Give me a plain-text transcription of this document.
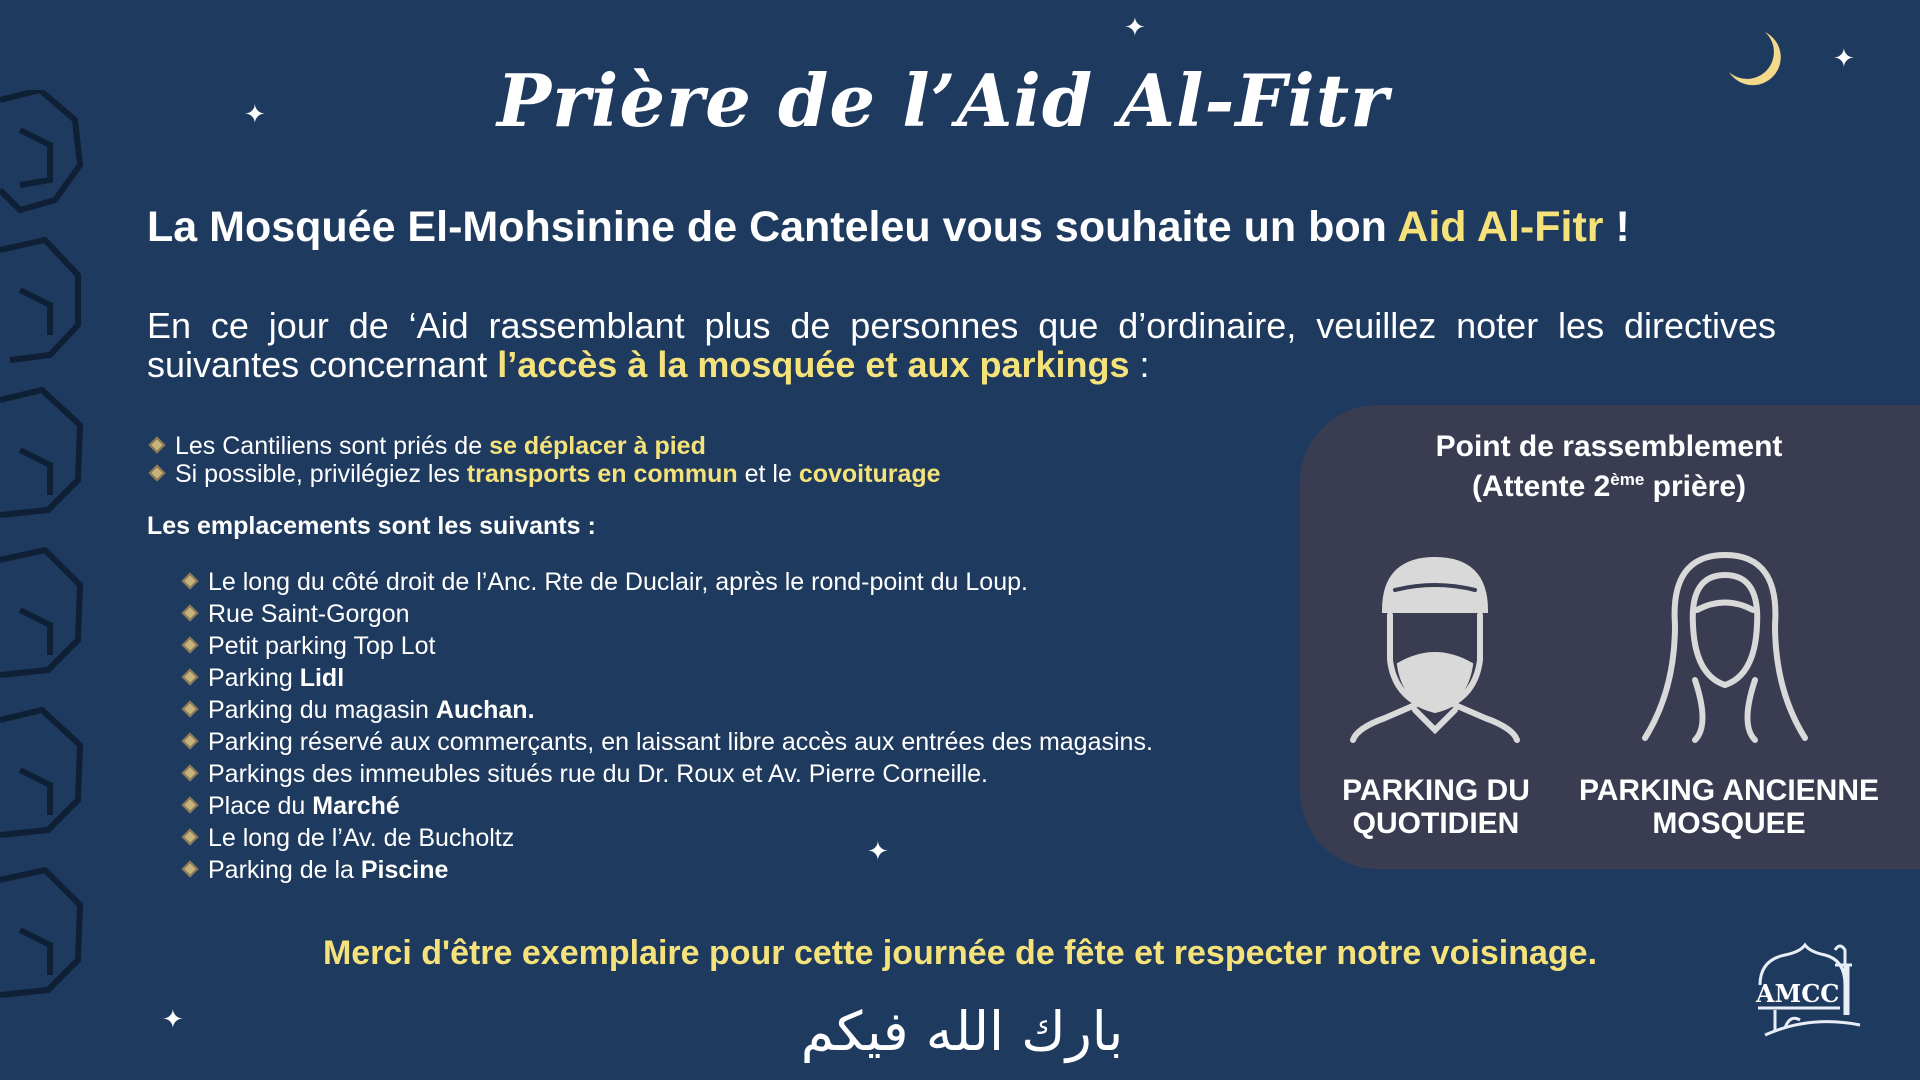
✦
✦
✦
✦
✦
Prière de l’Aid Al-Fitr
La Mosquée El-Mohsinine de Canteleu vous souhaite un bon Aid Al-Fitr !
En ce jour de ‘Aid rassemblant plus de personnes que d’ordinaire, veuillez noter les directives suivantes concernant l’accès à la mosquée et aux parkings :
Les Cantiliens sont priés de se déplacer à pied
Si possible, privilégiez les transports en commun et le covoiturage
Les emplacements sont les suivants :
Le long du côté droit de l’Anc. Rte de Duclair, après le rond-point du Loup.
Rue Saint-Gorgon
Petit parking Top Lot
Parking Lidl
Parking du magasin Auchan.
Parking réservé aux commerçants, en laissant libre accès aux entrées des magasins.
Parkings des immeubles situés rue du Dr. Roux et Av. Pierre Corneille.
Place du Marché
Le long de l’Av. de Bucholtz
Parking de la Piscine
Point de rassemblement
(Attente 2ème prière)
PARKING DU
QUOTIDIEN
PARKING ANCIENNE
MOSQUEE
Merci d'être exemplaire pour cette journée de fête et respecter notre voisinage.
بارك الله فيكم
AMCC
